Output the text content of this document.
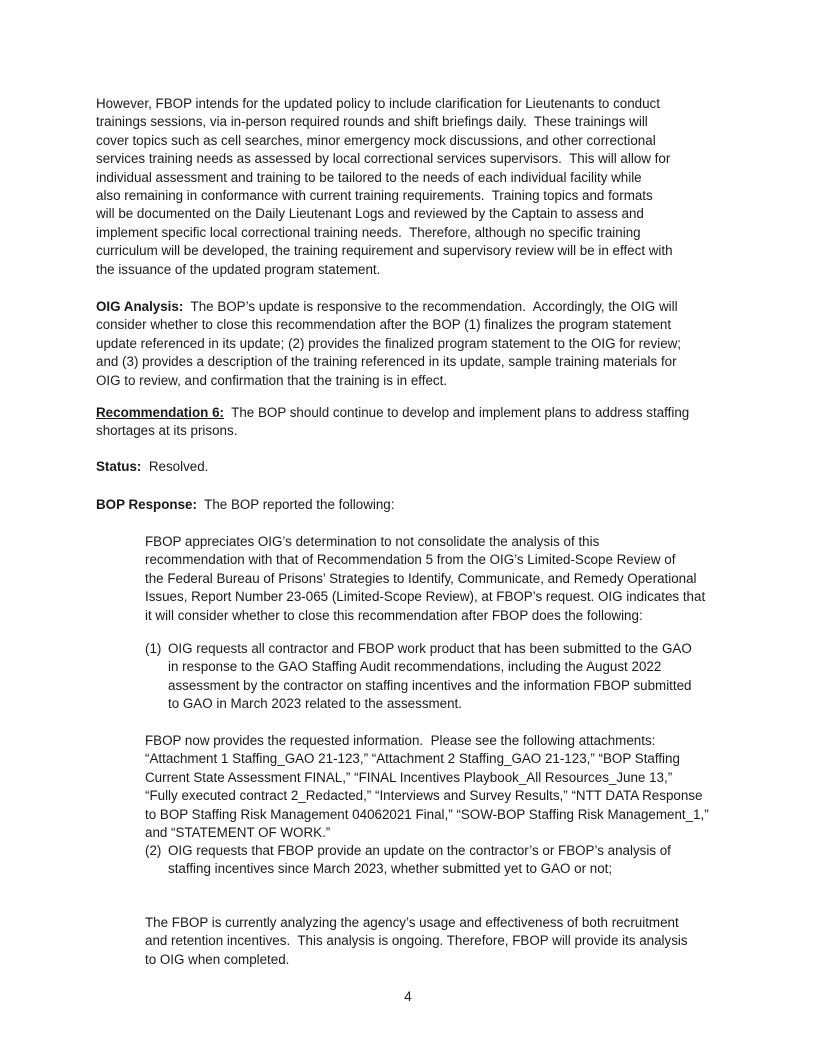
However, FBOP intends for the updated policy to include clarification for Lieutenants to conduct
trainings sessions, via in-person required rounds and shift briefings daily.  These trainings will
cover topics such as cell searches, minor emergency mock discussions, and other correctional
services training needs as assessed by local correctional services supervisors.  This will allow for
individual assessment and training to be tailored to the needs of each individual facility while
also remaining in conformance with current training requirements.  Training topics and formats
will be documented on the Daily Lieutenant Logs and reviewed by the Captain to assess and
implement specific local correctional training needs.  Therefore, although no specific training
curriculum will be developed, the training requirement and supervisory review will be in effect with
the issuance of the updated program statement.
OIG Analysis:  The BOP’s update is responsive to the recommendation.  Accordingly, the OIG will
consider whether to close this recommendation after the BOP (1) finalizes the program statement
update referenced in its update; (2) provides the finalized program statement to the OIG for review;
and (3) provides a description of the training referenced in its update, sample training materials for
OIG to review, and confirmation that the training is in effect.
Recommendation 6:  The BOP should continue to develop and implement plans to address staffing
shortages at its prisons.
Status:  Resolved.
BOP Response:  The BOP reported the following:
FBOP appreciates OIG’s determination to not consolidate the analysis of this
recommendation with that of Recommendation 5 from the OIG’s Limited-Scope Review of
the Federal Bureau of Prisons’ Strategies to Identify, Communicate, and Remedy Operational
Issues, Report Number 23-065 (Limited-Scope Review), at FBOP’s request. OIG indicates that
it will consider whether to close this recommendation after FBOP does the following:
(1) OIG requests all contractor and FBOP work product that has been submitted to the GAO
in response to the GAO Staffing Audit recommendations, including the August 2022
assessment by the contractor on staffing incentives and the information FBOP submitted
to GAO in March 2023 related to the assessment.
FBOP now provides the requested information.  Please see the following attachments:
“Attachment 1 Staffing_GAO 21-123,” “Attachment 2 Staffing_GAO 21-123,” “BOP Staffing
Current State Assessment FINAL,” “FINAL Incentives Playbook_All Resources_June 13,”
“Fully executed contract 2_Redacted,” “Interviews and Survey Results,” “NTT DATA Response
to BOP Staffing Risk Management 04062021 Final,” “SOW-BOP Staffing Risk Management_1,”
and “STATEMENT OF WORK.”
(2) OIG requests that FBOP provide an update on the contractor’s or FBOP’s analysis of
staffing incentives since March 2023, whether submitted yet to GAO or not;
The FBOP is currently analyzing the agency’s usage and effectiveness of both recruitment
and retention incentives.  This analysis is ongoing. Therefore, FBOP will provide its analysis
to OIG when completed.
4
